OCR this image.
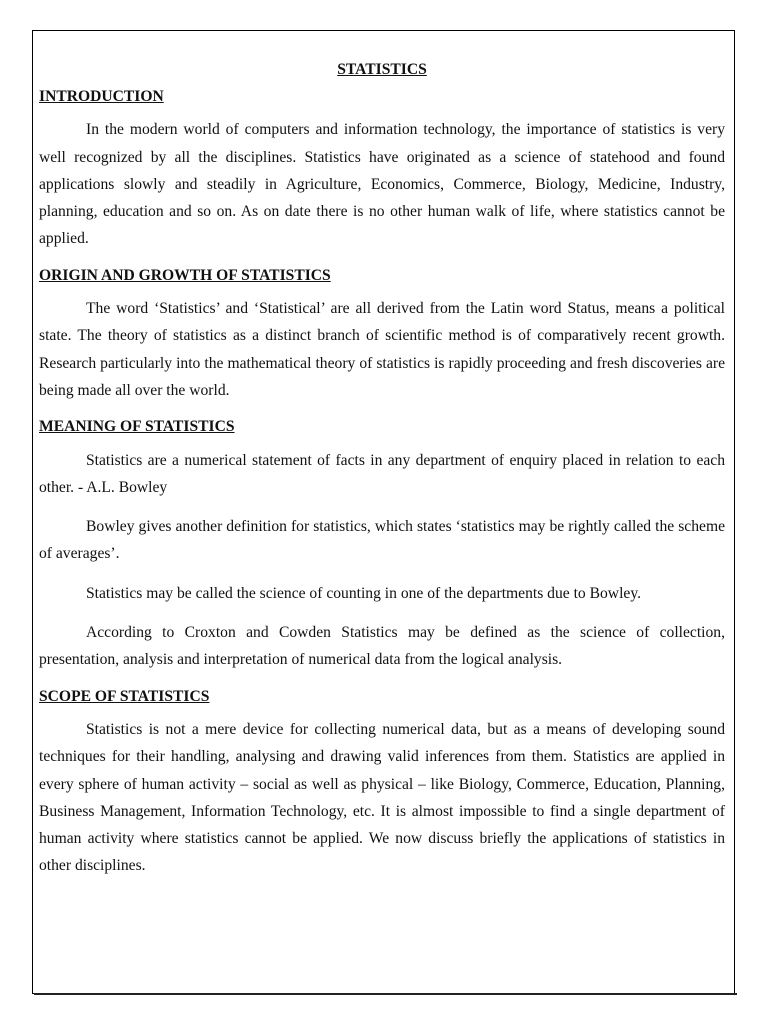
STATISTICS
INTRODUCTION

In the modern world of computers and information technology, the importance of statistics is very well recognized by all the disciplines. Statistics have originated as a science of statehood and found applications slowly and steadily in Agriculture, Economics, Commerce, Biology, Medicine, Industry, planning, education and so on. As on date there is no other human walk of life, where statistics cannot be applied.

ORIGIN AND GROWTH OF STATISTICS

The word ‘Statistics’ and ‘Statistical’ are all derived from the Latin word Status, means a political state. The theory of statistics as a distinct branch of scientific method is of comparatively recent growth. Research particularly into the mathematical theory of statistics is rapidly proceeding and fresh discoveries are being made all over the world.

MEANING OF STATISTICS

Statistics are a numerical statement of facts in any department of enquiry placed in relation to each other. - A.L. Bowley

Bowley gives another definition for statistics, which states ‘statistics may be rightly called the scheme of averages’.

Statistics may be called the science of counting in one of the departments due to Bowley.

According to Croxton and Cowden Statistics may be defined as the science of collection, presentation, analysis and interpretation of numerical data from the logical analysis.

SCOPE OF STATISTICS

Statistics is not a mere device for collecting numerical data, but as a means of developing sound techniques for their handling, analysing and drawing valid inferences from them. Statistics are applied in every sphere of human activity – social as well as physical – like Biology, Commerce, Education, Planning, Business Management, Information Technology, etc. It is almost impossible to find a single department of human activity where statistics cannot be applied. We now discuss briefly the applications of statistics in other disciplines.
